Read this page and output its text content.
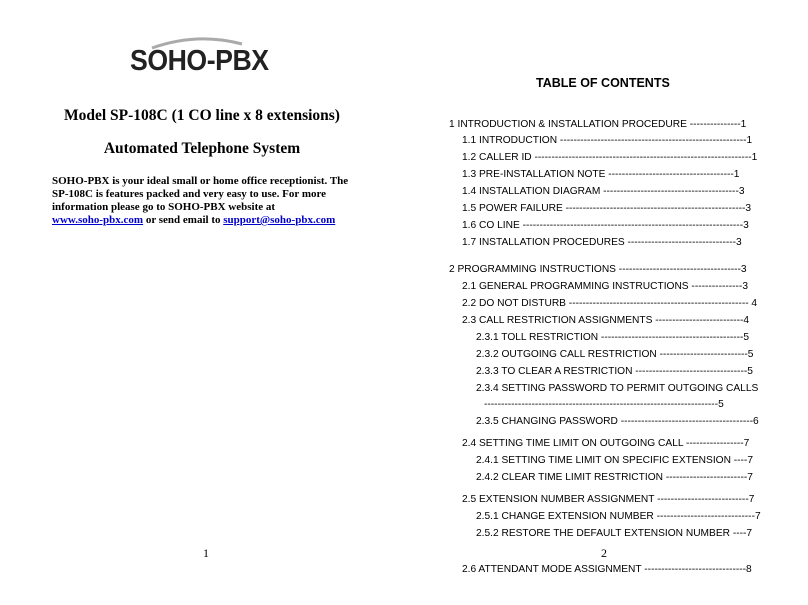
SOHO-PBX
Model SP-108C (1 CO line x 8 extensions)
Automated Telephone System
SOHO-PBX is your ideal small or home office receptionist. The
SP-108C is features packed and very easy to use. For more
information please go to SOHO-PBX website at
www.soho-pbx.com or send email to support@soho-pbx.com
1
TABLE OF CONTENTS
1 INTRODUCTION & INSTALLATION PROCEDURE ---------------1
1.1 INTRODUCTION -------------------------------------------------------1
1.2 CALLER ID ----------------------------------------------------------------1
1.3 PRE-INSTALLATION NOTE -------------------------------------1
1.4 INSTALLATION DIAGRAM ----------------------------------------3
1.5 POWER FAILURE -----------------------------------------------------3
1.6 CO LINE -----------------------------------------------------------------3
1.7 INSTALLATION PROCEDURES --------------------------------3
2 PROGRAMMING INSTRUCTIONS ------------------------------------3
2.1 GENERAL PROGRAMMING INSTRUCTIONS ---------------3
2.2 DO NOT DISTURB ----------------------------------------------------- 4
2.3 CALL RESTRICTION ASSIGNMENTS --------------------------4
2.3.1 TOLL RESTRICTION ------------------------------------------5
2.3.2 OUTGOING CALL RESTRICTION --------------------------5
2.3.3 TO CLEAR A RESTRICTION ---------------------------------5
2.3.4 SETTING PASSWORD TO PERMIT OUTGOING CALLS
---------------------------------------------------------------------5
2.3.5 CHANGING PASSWORD ---------------------------------------6
2.4 SETTING TIME LIMIT ON OUTGOING CALL -----------------7
2.4.1 SETTING TIME LIMIT ON SPECIFIC EXTENSION ----7
2.4.2 CLEAR TIME LIMIT RESTRICTION ------------------------7
2.5 EXTENSION NUMBER ASSIGNMENT ---------------------------7
2.5.1 CHANGE EXTENSION NUMBER -----------------------------7
2.5.2 RESTORE THE DEFAULT EXTENSION NUMBER ----7
2.6 ATTENDANT MODE ASSIGNMENT ------------------------------8
2
